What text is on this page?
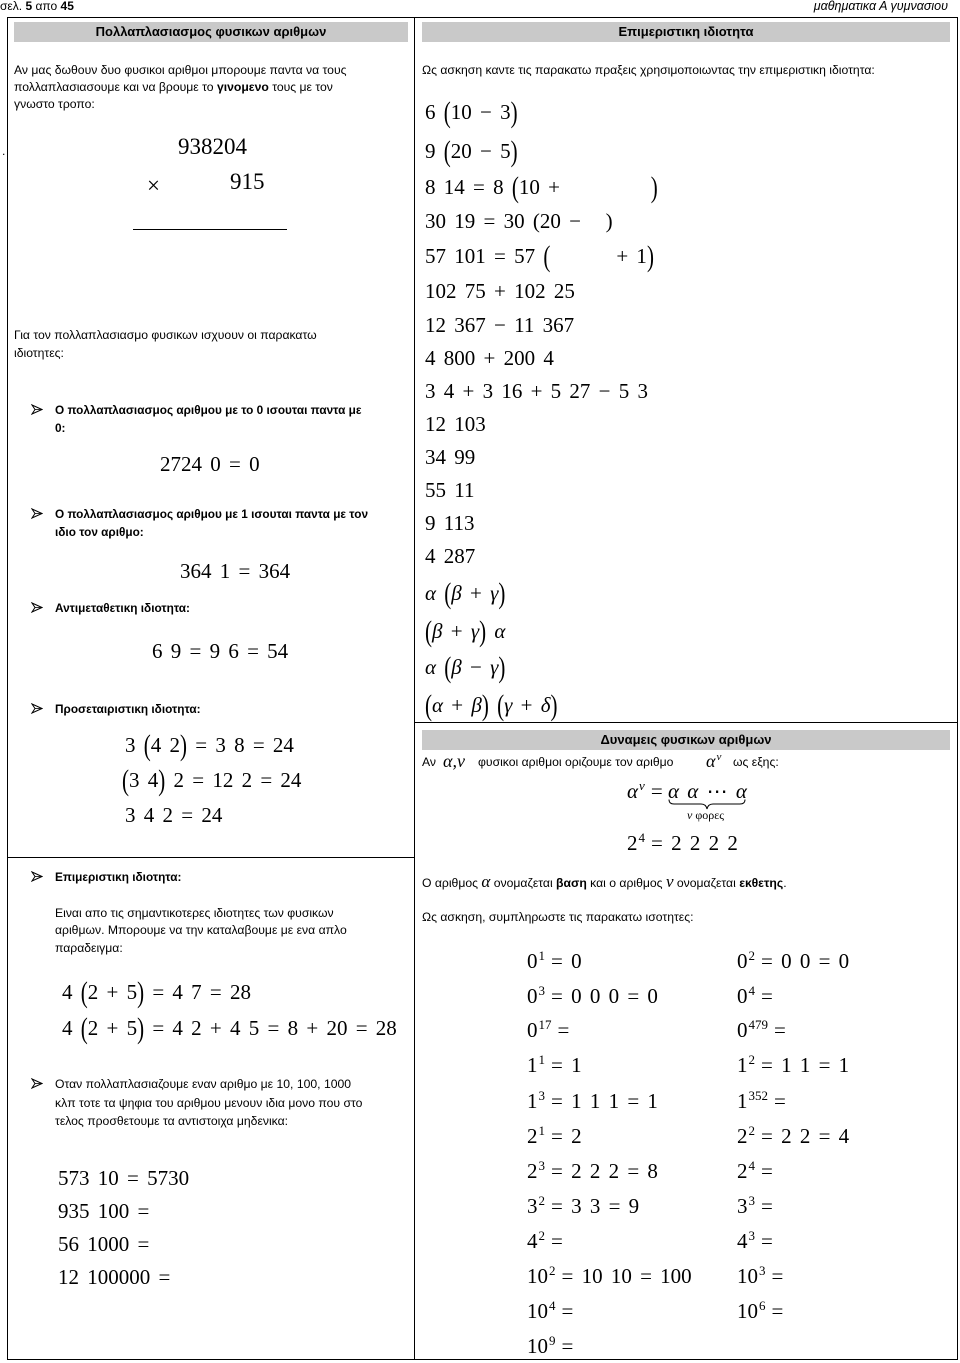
σελ. 5 απο 45	μαθηματικα Α γυμνασιου
Πολλαπλασιασμος φυσικων αριθμων
Αν μας δωθουν δυο φυσικοι αριθμοι μπορουμε παντα να τους
πολλαπλασιασουμε και να βρουμε το γινομενο τους με τον
γνωστο τροπο:
.	938204
×	915
Για τον πολλαπλασιασμο φυσικων ισχυουν οι παρακατω
ιδιοτητες:
Ο πολλαπλασιασμος αριθμου με το 0 ισουται παντα με
0:
2724 0 = 0
Ο πολλαπλασιασμος αριθμου με 1 ισουται παντα με τον
ιδιο τον αριθμο:
364 1 = 364
Αντιμεταθετικη ιδιοτητα:
6 9 = 9 6 = 54
Προσεταιριστικη ιδιοτητα:
3 (4 2) = 3 8 = 24
(3 4) 2 = 12 2 = 24
3 4 2 = 24
Επιμεριστικη ιδιοτητα:
Ειναι απο τις σημαντικοτερες ιδιοτητες των φυσικων
αριθμων. Μπορουμε να την καταλαβουμε με ενα απλο
παραδειγμα:
4 (2 + 5) = 4 7 = 28
4 (2 + 5) = 4 2 + 4 5 = 8 + 20 = 28
Οταν πολλαπλασιαζουμε εναν αριθμο με 10, 100, 1000
κλπ τοτε τα ψηφια του αριθμου μενουν ιδια μονο που στο
τελος προσθετουμε τα αντιστοιχα μηδενικα:
573 10 = 5730
935 100 =
56 1000 =
12 100000 =
Επιμεριστικη ιδιοτητα
Ως ασκηση καντε τις παρακατω πραξεις χρησιμοποιωντας την επιμεριστικη ιδιοτητα:
6 (10 − 3)
9 (20 − 5)
8 14 = 8 (10 +           )
30 19 = 30 (20 −   )
57 101 = 57 (        + 1)
102 75 + 102 25
12 367 − 11 367
4 800 + 200 4
3 4 + 3 16 + 5 27 − 5 3
12 103
34 99
55 11
9 113
4 287
α (β + γ)
(β + γ) α
α (β − γ)
(α + β) (γ + δ)
Δυναμεις φυσικων αριθμων
Αν α,ν φυσικοι αριθμοι οριζουμε τον αριθμο $\alpha^\nu$ ως εξης:
$\alpha^\nu = \alpha$ α ⋯ α
ν φορες
$2^4 = 2$ 2 2 2
Ο αριθμος α ονομαζεται βαση και ο αριθμος ν ονομαζεται εκθετης.
Ως ασκηση, συμπληρωστε τις παρακατω ισοτητες:
$0^1 = 0$
$0^3 = 0$ 0 0 = 0
$0^{17}$ =
$1^1 = 1$
$1^3 = 1$ 1 1 = 1
$2^1 = 2$
$2^3 = 2$ 2 2 = 8
$3^2 = 3$ 3 = 9
$4^2$ =
$10^2 = 10$ 10 = 100
$10^4$ =
$10^9$ =
$0^2 = 0$ 0 = 0
$0^4$ =
$0^{479}$ =
$1^2 = 1$ 1 = 1
$1^{352}$ =
$2^2 = 2$ 2 = 4
$2^4$ =
$3^3$ =
$4^3$ =
$10^3$ =
$10^6$ =
